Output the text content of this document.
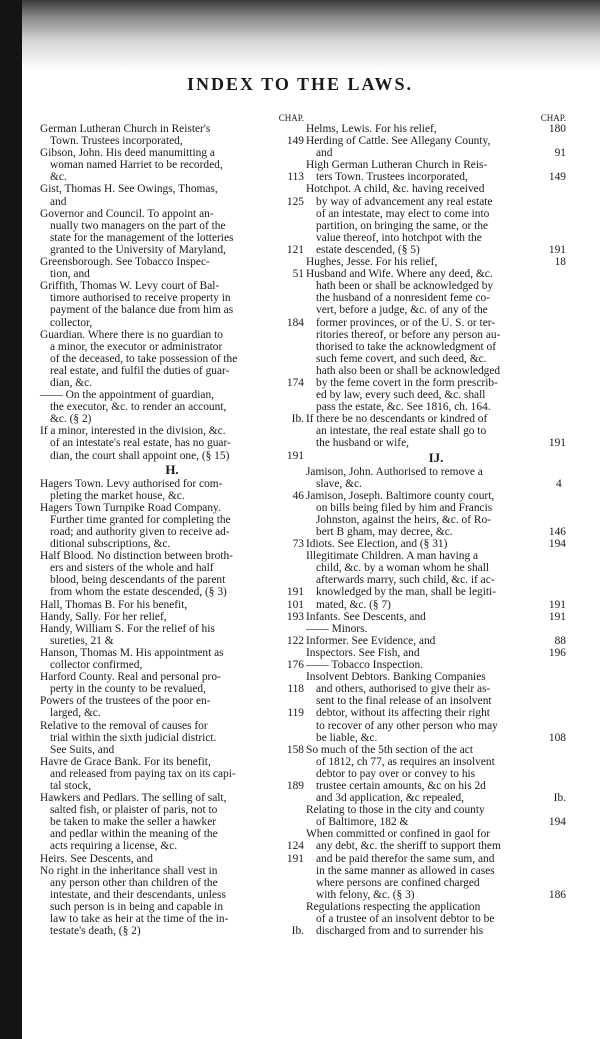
INDEX TO THE LAWS.
CHAP.
German Lutheran Church in Reister's
Town. Trustees incorporated,	149
Gibson, John. His deed manumitting a
woman named Harriet to be recorded,
&c.	113
Gist, Thomas H. See Owings, Thomas,
and	125
Governor and Council. To appoint an-
nually two managers on the part of the
state for the management of the lotteries
granted to the University of Maryland,	121
Greensborough. See Tobacco Inspec-
tion, and	51
Griffith, Thomas W. Levy court of Bal-
timore authorised to receive property in
payment of the balance due from him as
collector,	184
Guardian. Where there is no guardian to
a minor, the executor or administrator
of the deceased, to take possession of the
real estate, and fulfil the duties of guar-
dian, &c.	174
—— On the appointment of guardian,
the executor, &c. to render an account,
&c. (§ 2)	Ib.
If a minor, interested in the division, &c.
of an intestate's real estate, has no guar-
dian, the court shall appoint one, (§ 15)	191
H.
Hagers Town. Levy authorised for com-
pleting the market house, &c.	46
Hagers Town Turnpike Road Company.
Further time granted for completing the
road; and authority given to receive ad-
ditional subscriptions, &c.	73
Half Blood. No distinction between broth-
ers and sisters of the whole and half
blood, being descendants of the parent
from whom the estate descended, (§ 3)	191
Hall, Thomas B. For his benefit,	101
Handy, Sally. For her relief,	193
Handy, William S. For the relief of his
sureties, 21 &	122
Hanson, Thomas M. His appointment as
collector confirmed,	176
Harford County. Real and personal pro-
perty in the county to be revalued,	118
Powers of the trustees of the poor en-
larged, &c.	119
Relative to the removal of causes for
trial within the sixth judicial district.
See Suits, and	158
Havre de Grace Bank. For its benefit,
and released from paying tax on its capi-
tal stock,	189
Hawkers and Pedlars. The selling of salt,
salted fish, or plaister of paris, not to
be taken to make the seller a hawker
and pedlar within the meaning of the
acts requiring a license, &c.	124
Heirs. See Descents, and	191
No right in the inheritance shall vest in
any person other than children of the
intestate, and their descendants, unless
such person is in being and capable in
law to take as heir at the time of the in-
testate's death, (§ 2)	Ib.
CHAP.
Helms, Lewis. For his relief,	180
Herding of Cattle. See Allegany County,
and	91
High German Lutheran Church in Reis-
ters Town. Trustees incorporated,	149
Hotchpot. A child, &c. having received
by way of advancement any real estate
of an intestate, may elect to come into
partition, on bringing the same, or the
value thereof, into hotchpot with the
estate descended, (§ 5)	191
Hughes, Jesse. For his relief,	18
Husband and Wife. Where any deed, &c.
hath been or shall be acknowledged by
the husband of a nonresident feme co-
vert, before a judge, &c. of any of the
former provinces, or of the U. S. or ter-
ritories thereof, or before any person au-
thorised to take the acknowledgment of
such feme covert, and such deed, &c.
hath also been or shall be acknowledged
by the feme covert in the form prescrib-
ed by law, every such deed, &c. shall
pass the estate, &c. See 1816, ch. 164.
If there be no descendants or kindred of
an intestate, the real estate shall go to
the husband or wife,	191
IJ.
Jamison, John. Authorised to remove a
slave, &c.	4
Jamison, Joseph. Baltimore county court,
on bills being filed by him and Francis
Johnston, against the heirs, &c. of Ro-
bert B gham, may decree, &c.	146
Idiots. See Election, and (§ 31)	194
Illegitimate Children. A man having a
child, &c. by a woman whom he shall
afterwards marry, such child, &c. if ac-
knowledged by the man, shall be legiti-
mated, &c. (§ 7)	191
Infants. See Descents, and	191
—— Minors.
Informer. See Evidence, and	88
Inspectors. See Fish, and	196
—— Tobacco Inspection.
Insolvent Debtors. Banking Companies
and others, authorised to give their as-
sent to the final release of an insolvent
debtor, without its affecting their right
to recover of any other person who may
be liable, &c.	108
So much of the 5th section of the act
of 1812, ch 77, as requires an insolvent
debtor to pay over or convey to his
trustee certain amounts, &c on his 2d
and 3d application, &c repealed,	Ib.
Relating to those in the city and county
of Baltimore, 182 &	194
When committed or confined in gaol for
any debt, &c. the sheriff to support them
and be paid therefor the same sum, and
in the same manner as allowed in cases
where persons are confined charged
with felony, &c. (§ 3)	186
Regulations respecting the application
of a trustee of an insolvent debtor to be
discharged from and to surrender his
